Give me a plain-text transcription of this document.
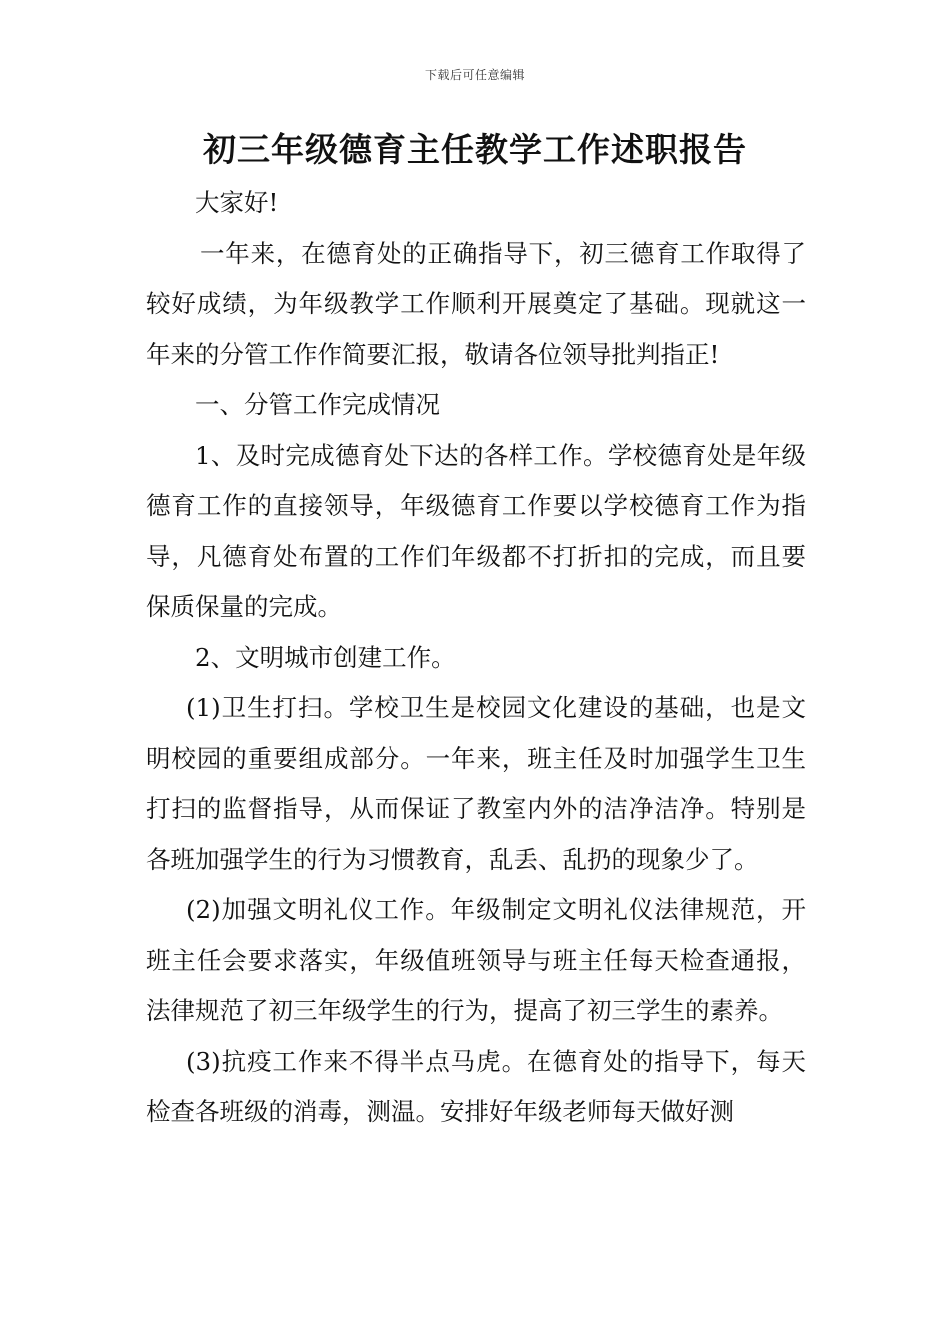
下载后可任意编辑
初三年级德育主任教学工作述职报告

大家好!

一年来，在德育处的正确指导下，初三德育工作取得了较好成绩，为年级教学工作顺利开展奠定了基础。现就这一年来的分管工作作简要汇报，敬请各位领导批判指正!

一、分管工作完成情况

1、及时完成德育处下达的各样工作。学校德育处是年级德育工作的直接领导，年级德育工作要以学校德育工作为指导，凡德育处布置的工作们年级都不打折扣的完成，而且要保质保量的完成。

2、文明城市创建工作。

(1)卫生打扫。学校卫生是校园文化建设的基础，也是文明校园的重要组成部分。一年来，班主任及时加强学生卫生打扫的监督指导，从而保证了教室内外的洁净洁净。特别是各班加强学生的行为习惯教育，乱丢、乱扔的现象少了。

(2)加强文明礼仪工作。年级制定文明礼仪法律规范，开班主任会要求落实，年级值班领导与班主任每天检查通报，法律规范了初三年级学生的行为，提高了初三学生的素养。

(3)抗疫工作来不得半点马虎。在德育处的指导下，每天检查各班级的消毒，测温。安排好年级老师每天做好测
